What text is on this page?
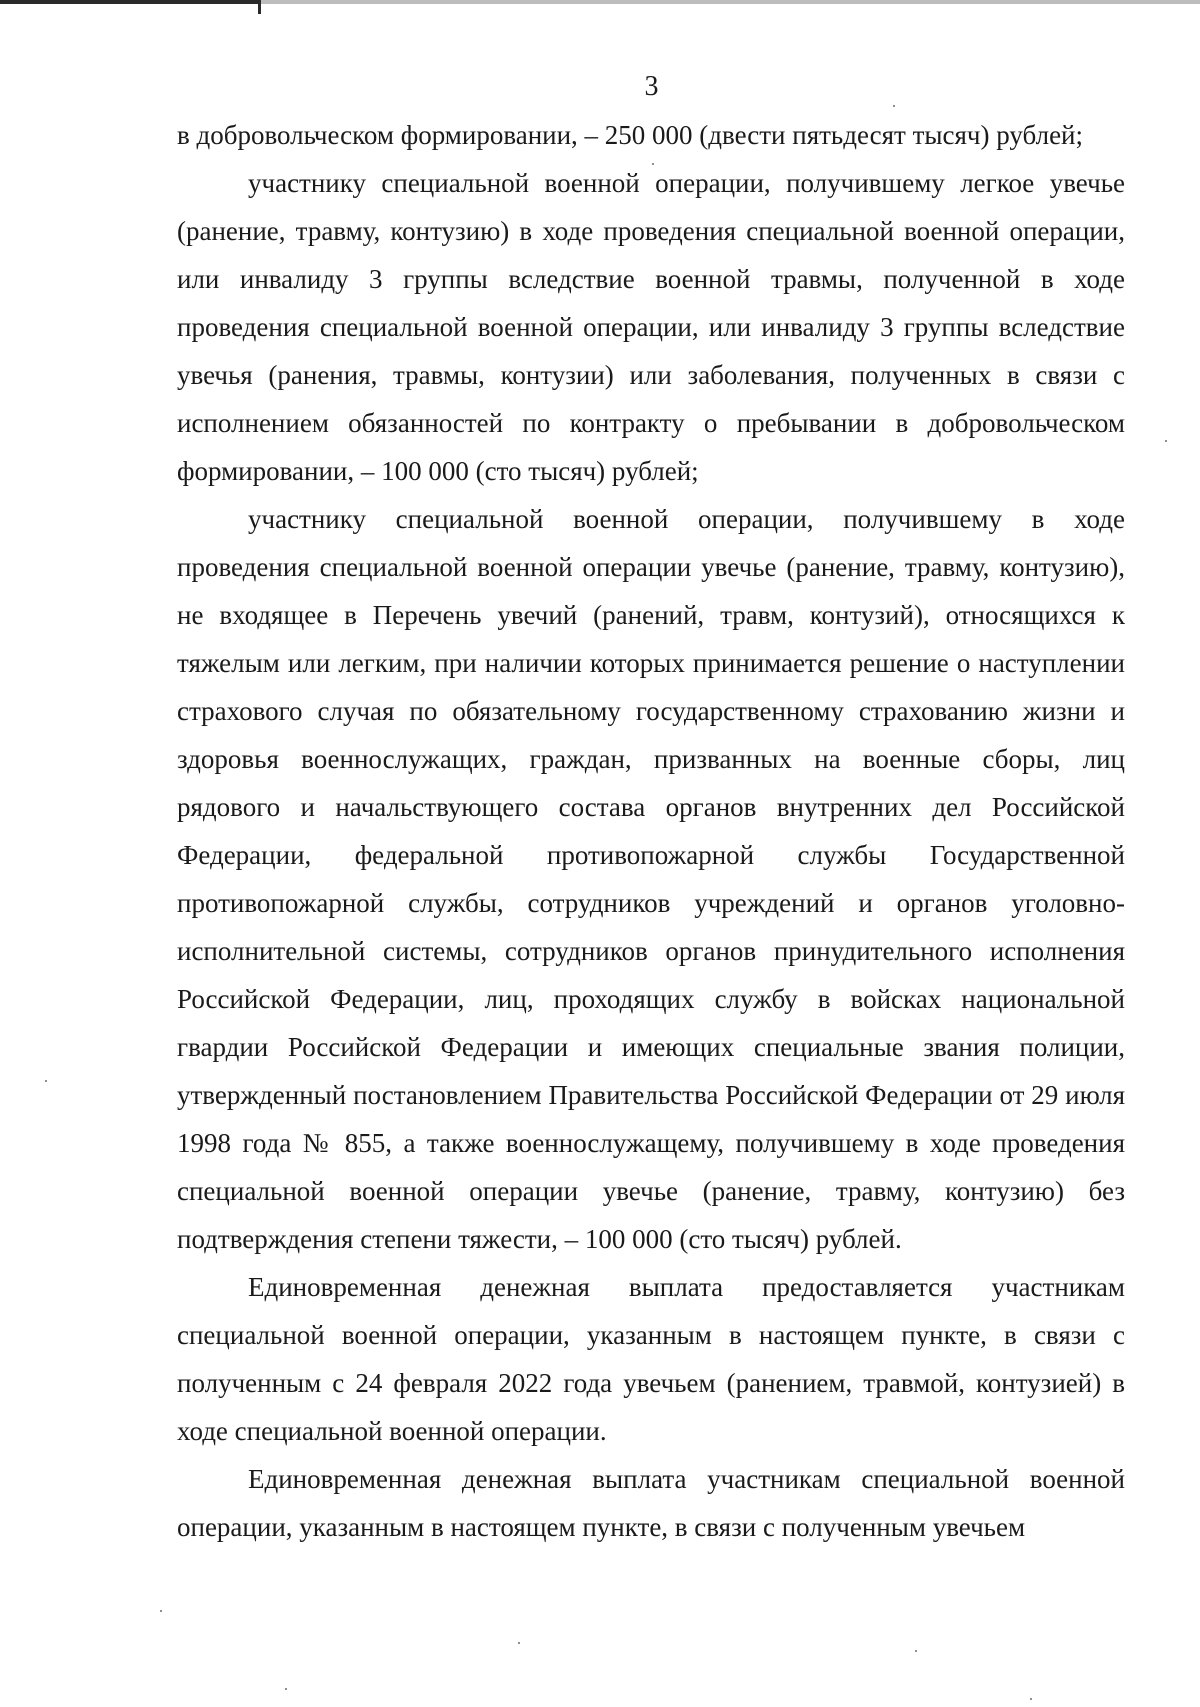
3

в добровольческом формировании, – 250 000 (двести пятьдесят тысяч) рублей;

участнику специальной военной операции, получившему легкое увечье (ранение, травму, контузию) в ходе проведения специальной военной операции, или инвалиду 3 группы вследствие военной травмы, полученной в ходе проведения специальной военной операции, или инвалиду 3 группы вследствие увечья (ранения, травмы, контузии) или заболевания, полученных в связи с исполнением обязанностей по контракту о пребывании в добровольческом формировании, – 100 000 (сто тысяч) рублей;

участнику специальной военной операции, получившему в ходе проведения специальной военной операции увечье (ранение, травму, контузию), не входящее в Перечень увечий (ранений, травм, контузий), относящихся к тяжелым или легким, при наличии которых принимается решение о наступлении страхового случая по обязательному государственному страхованию жизни и здоровья военнослужащих, граждан, призванных на военные сборы, лиц рядового и начальствующего состава органов внутренних дел Российской Федерации, федеральной противопожарной службы Государственной противопожарной службы, сотрудников учреждений и органов уголовно-исполнительной системы, сотрудников органов принудительного исполнения Российской Федерации, лиц, проходящих службу в войсках национальной гвардии Российской Федерации и имеющих специальные звания полиции, утвержденный постановлением Правительства Российской Федерации от 29 июля 1998 года № 855, а также военнослужащему, получившему в ходе проведения специальной военной операции увечье (ранение, травму, контузию) без подтверждения степени тяжести, – 100 000 (сто тысяч) рублей.

Единовременная денежная выплата предоставляется участникам специальной военной операции, указанным в настоящем пункте, в связи с полученным с 24 февраля 2022 года увечьем (ранением, травмой, контузией) в ходе специальной военной операции.

Единовременная денежная выплата участникам специальной военной операции, указанным в настоящем пункте, в связи с полученным увечьем
